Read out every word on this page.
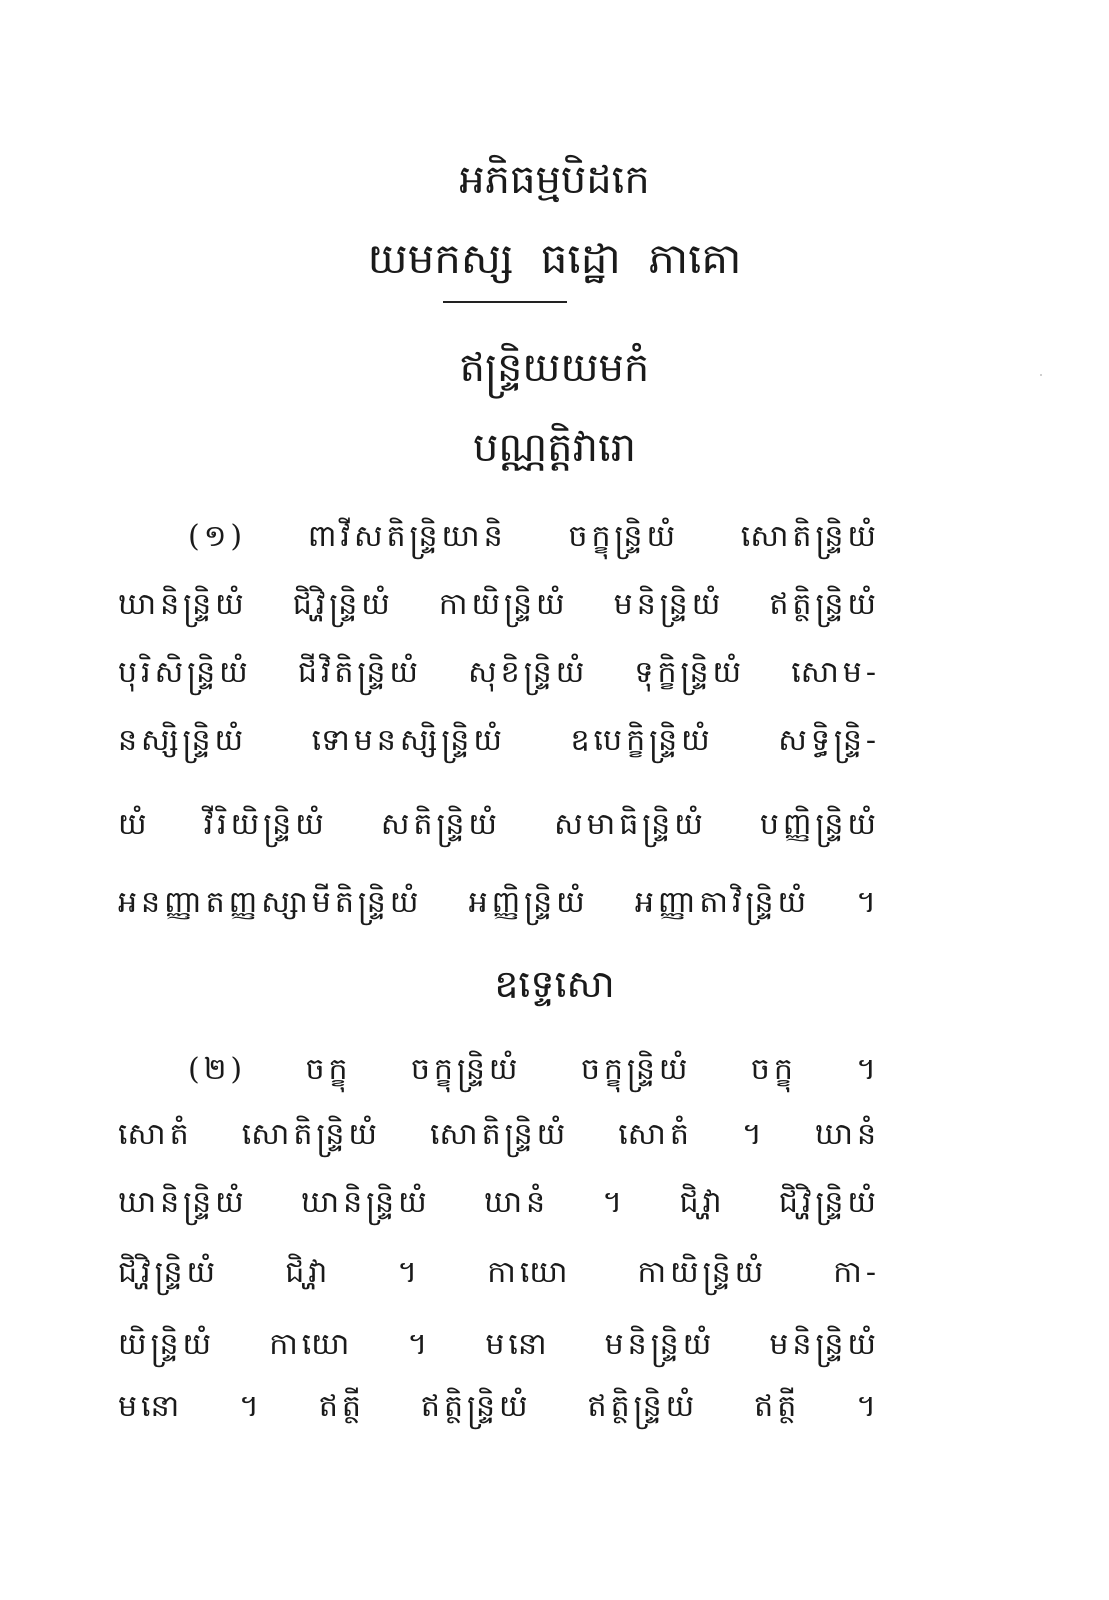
អភិធម្មបិដកេ
យមកស្ស ធដ្ឋោ ភាគោ
ឥន្ទ្រិយយមកំ
បណ្ណត្តិវារោ
(១) ពាវីសតិន្ទ្រិយានិ ចក្ខុន្ទ្រិយំ សោតិន្ទ្រិយំ
ឃានិន្ទ្រិយំ ជិវ្ហិន្ទ្រិយំ កាយិន្ទ្រិយំ មនិន្ទ្រិយំ ឥត្ថិន្ទ្រិយំ
បុរិសិន្ទ្រិយំ ជីវិតិន្ទ្រិយំ សុខិន្ទ្រិយំ ទុក្ខិន្ទ្រិយំ សោម-
នស្សិន្ទ្រិយំ ទោមនស្សិន្ទ្រិយំ ឧបេក្ខិន្ទ្រិយំ សទ្ធិន្ទ្រិ-
យំ វីរិយិន្ទ្រិយំ សតិន្ទ្រិយំ សមាធិន្ទ្រិយំ បញ្ញិន្ទ្រិយំ
អនញ្ញាតញ្ញស្សាមីតិន្ទ្រិយំ អញ្ញិន្ទ្រិយំ អញ្ញាតាវិន្ទ្រិយំ ។
ឧទ្ទេសោ
(២) ចក្ខុ ចក្ខុន្ទ្រិយំ ចក្ខុន្ទ្រិយំ ចក្ខុ ។
សោតំ សោតិន្ទ្រិយំ សោតិន្ទ្រិយំ សោតំ ។ ឃានំ
ឃានិន្ទ្រិយំ ឃានិន្ទ្រិយំ ឃានំ ។ ជិវ្ហា ជិវ្ហិន្ទ្រិយំ
ជិវ្ហិន្ទ្រិយំ ជិវ្ហា ។ កាយោ កាយិន្ទ្រិយំ កា-
យិន្ទ្រិយំ កាយោ ។ មនោ មនិន្ទ្រិយំ មនិន្ទ្រិយំ
មនោ ។ ឥត្ថី ឥត្ថិន្ទ្រិយំ ឥត្ថិន្ទ្រិយំ ឥត្ថី ។
